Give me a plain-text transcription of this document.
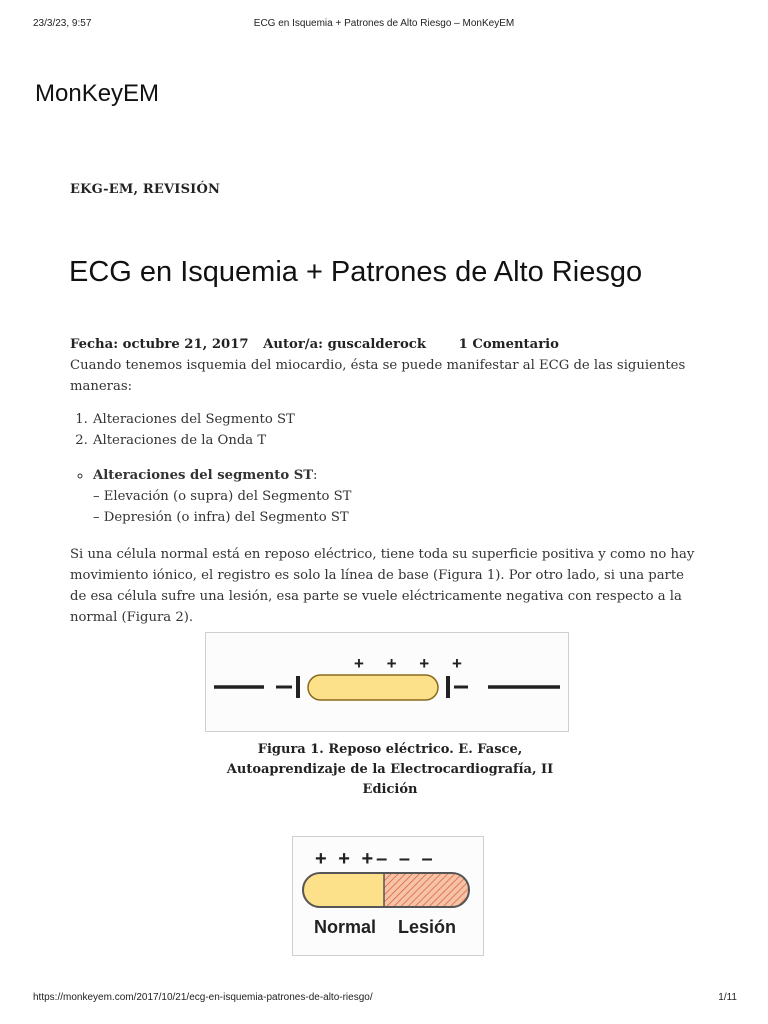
23/3/23, 9:57	ECG en Isquemia + Patrones de Alto Riesgo – MonKeyEM
MonKeyEM
EKG-EM, REVISIÓN
ECG en Isquemia + Patrones de Alto Riesgo
Fecha: octubre 21, 2017 Autor/a: guscalderock 1 Comentario

Cuando tenemos isquemia del miocardio, ésta se puede manifestar al ECG de las siguientes maneras:

1. Alteraciones del Segmento ST
2. Alteraciones de la Onda T
◦ Alteraciones del segmento ST:
– Elevación (o supra) del Segmento ST
– Depresión (o infra) del Segmento ST

Si una célula normal está en reposo eléctrico, tiene toda su superficie positiva y como no hay movimiento iónico, el registro es solo la línea de base (Figura 1). Por otro lado, si una parte de esa célula sufre una lesión, esa parte se vuele eléctricamente negativa con respecto a la normal (Figura 2).

+ + + +
Figura 1. Reposo eléctrico. E. Fasce, Autoaprendizaje de la Electrocardiografía, II Edición
+ + +– – –
Normal Lesión
https://monkeyem.com/2017/10/21/ecg-en-isquemia-patrones-de-alto-riesgo/	1/11
